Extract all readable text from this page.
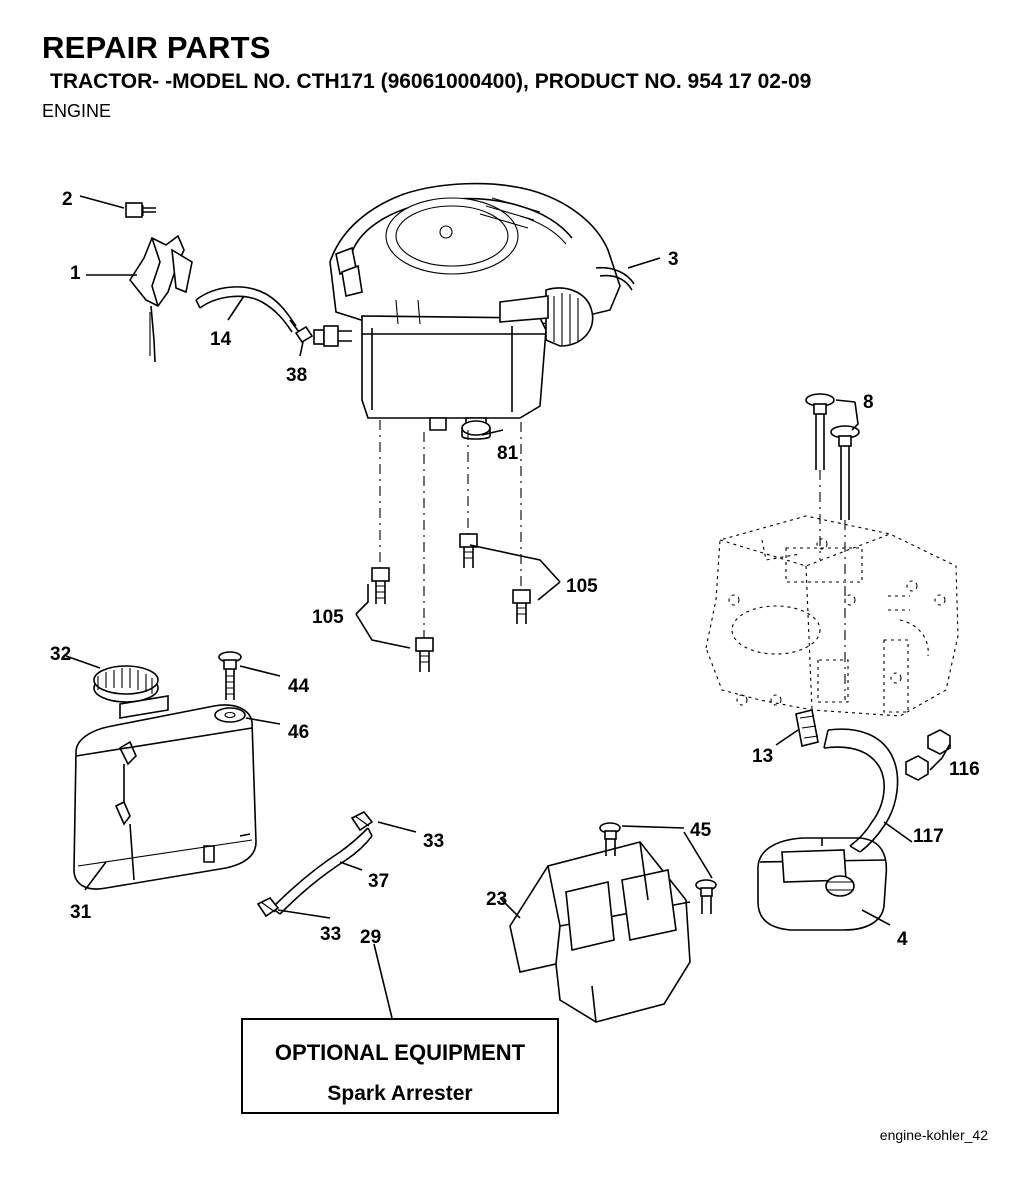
REPAIR PARTS
TRACTOR- -MODEL NO. CTH171 (96061000400), PRODUCT NO. 954 17 02-09
ENGINE
2
1
14
38
3
81
8
105
105
32
44
46
13
116
117
33
45
37
31
23
33 29	4
OPTIONAL EQUIPMENT
Spark Arrester
engine-kohler_42
